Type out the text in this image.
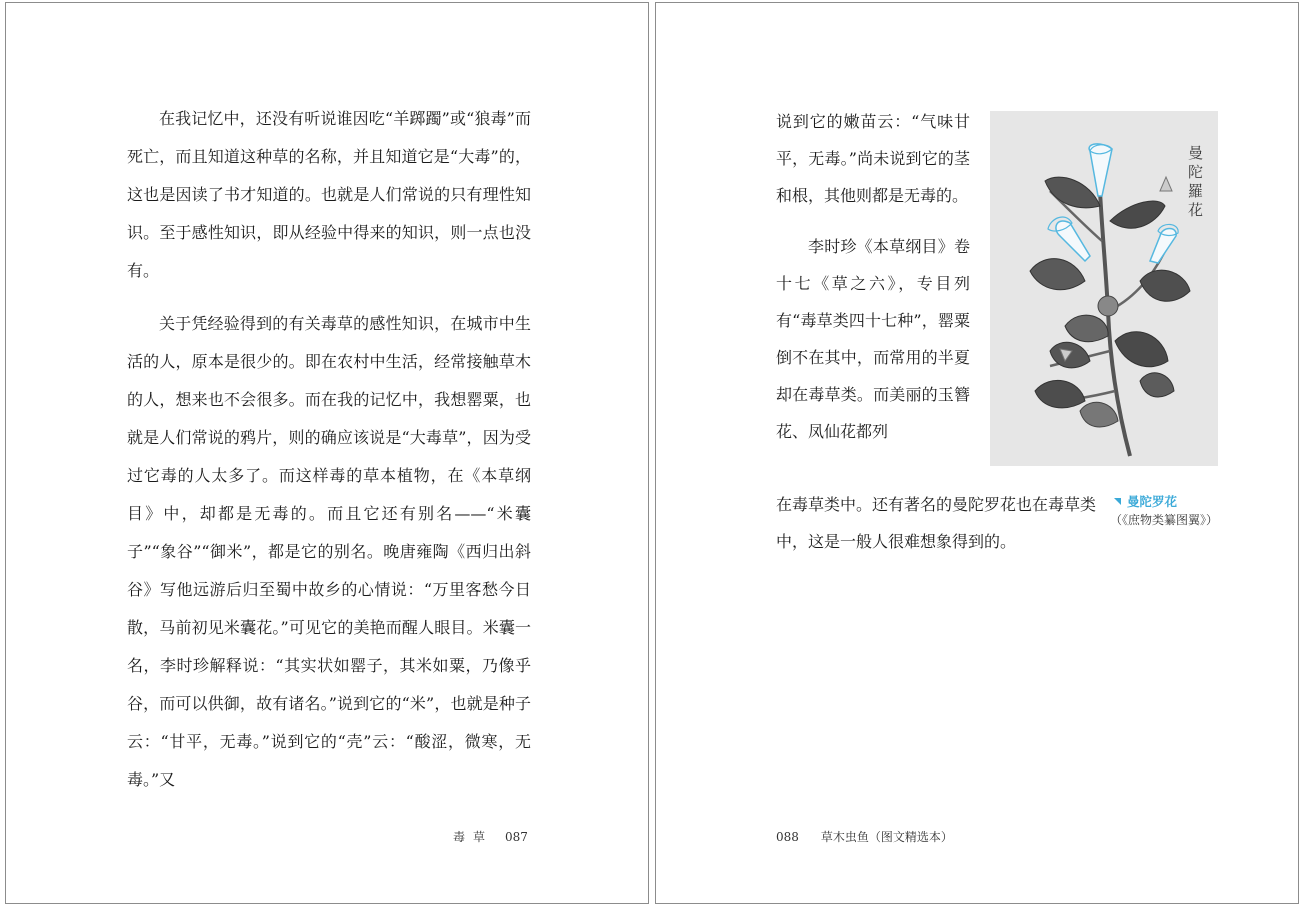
在我记忆中，还没有听说谁因吃“羊踯躅”或“狼毒”而死亡，而且知道这种草的名称，并且知道它是“大毒”的，这也是因读了书才知道的。也就是人们常说的只有理性知识。至于感性知识，即从经验中得来的知识，则一点也没有。

关于凭经验得到的有关毒草的感性知识，在城市中生活的人，原本是很少的。即在农村中生活，经常接触草木的人，想来也不会很多。而在我的记忆中，我想罂粟，也就是人们常说的鸦片，则的确应该说是“大毒草”，因为受过它毒的人太多了。而这样毒的草本植物，在《本草纲目》中，却都是无毒的。而且它还有别名——“米囊子”“象谷”“御米”，都是它的别名。晚唐雍陶《西归出斜谷》写他远游后归至蜀中故乡的心情说：“万里客愁今日散，马前初见米囊花。”可见它的美艳而醒人眼目。米囊一名，李时珍解释说：“其实状如罂子，其米如粟，乃像乎谷，而可以供御，故有诸名。”说到它的“米”，也就是种子云：“甘平，无毒。”说到它的“壳”云：“酸涩，微寒，无毒。”又

毒草 087

说到它的嫩苗云：“气味甘平，无毒。”尚未说到它的茎和根，其他则都是无毒的。

李时珍《本草纲目》卷十七《草之六》，专目列有“毒草类四十七种”，罂粟倒不在其中，而常用的半夏却在毒草类。而美丽的玉簪花、凤仙花都列

在毒草类中。还有著名的曼陀罗花也在毒草类中，这是一般人很难想象得到的。

曼陀羅花
曼陀罗花
（《庶物类纂图翼》）
088 草木虫鱼（图文精选本）
